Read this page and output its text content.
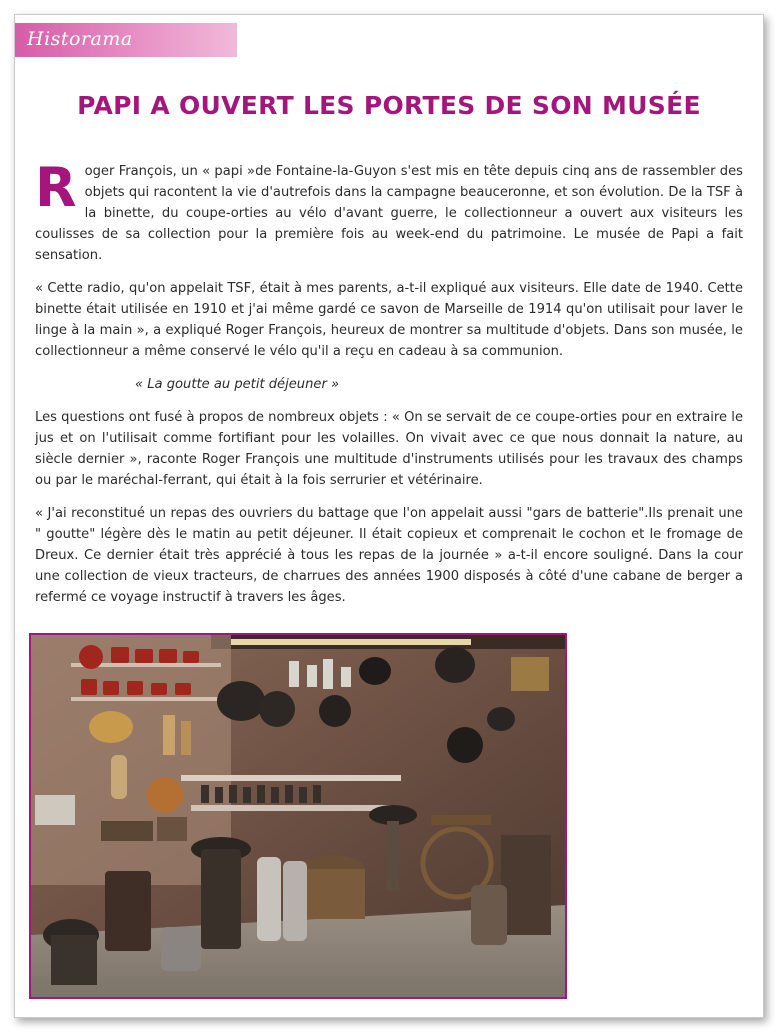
Historama
PAPI A OUVERT LES PORTES DE SON MUSÉE

Roger François, un « papi »de Fontaine-la-Guyon s'est mis en tête depuis cinq ans de rassembler des objets qui racontent la vie d'autrefois dans la campagne beauceronne, et son évolution. De la TSF à la binette, du coupe-orties au vélo d'avant guerre, le collectionneur a ouvert aux visiteurs les coulisses de sa collection pour la première fois au week-end du patrimoine. Le musée de Papi a fait sensation.

« Cette radio, qu'on appelait TSF, était à mes parents, a-t-il expliqué aux visiteurs. Elle date de 1940. Cette binette était utilisée en 1910 et j'ai même gardé ce savon de Marseille de 1914 qu'on utilisait pour laver le linge à la main », a expliqué Roger François, heureux de montrer sa multitude d'objets. Dans son musée, le collectionneur a même conservé le vélo qu'il a reçu en cadeau à sa communion.

« La goutte au petit déjeuner »

Les questions ont fusé à propos de nombreux objets : « On se servait de ce coupe-orties pour en extraire le jus et on l'utilisait comme fortifiant pour les volailles. On vivait avec ce que nous donnait la nature, au siècle dernier », raconte Roger François une multitude d'instruments utilisés pour les travaux des champs ou par le maréchal-ferrant, qui était à la fois serrurier et vétérinaire.

« J'ai reconstitué un repas des ouvriers du battage que l'on appelait aussi "gars de batterie".Ils prenait une " goutte" légère dès le matin au petit déjeuner. Il était copieux et comprenait le cochon et le fromage de Dreux. Ce dernier était très apprécié à tous les repas de la journée » a-t-il encore souligné. Dans la cour une collection de vieux tracteurs, de charrues des années 1900 disposés à côté d'une cabane de berger a refermé ce voyage instructif à travers les âges.
